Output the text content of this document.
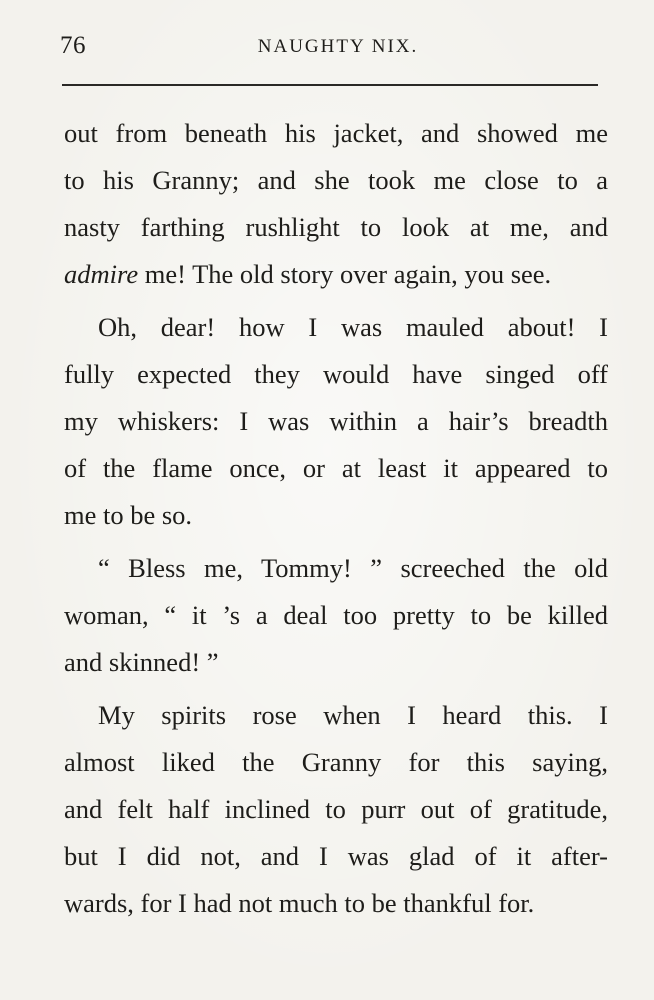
76	NAUGHTY NIX.
out from beneath his jacket, and showed me
to his Granny; and she took me close to a
nasty farthing rushlight to look at me, and
admire me! The old story over again, you see.
Oh, dear! how I was mauled about! I
fully expected they would have singed off
my whiskers: I was within a hair’s breadth
of the flame once, or at least it appeared to
me to be so.
“ Bless me, Tommy! ” screeched the old
woman, “ it ’s a deal too pretty to be killed
and skinned! ”
My spirits rose when I heard this. I
almost liked the Granny for this saying,
and felt half inclined to purr out of gratitude,
but I did not, and I was glad of it after-
wards, for I had not much to be thankful for.
